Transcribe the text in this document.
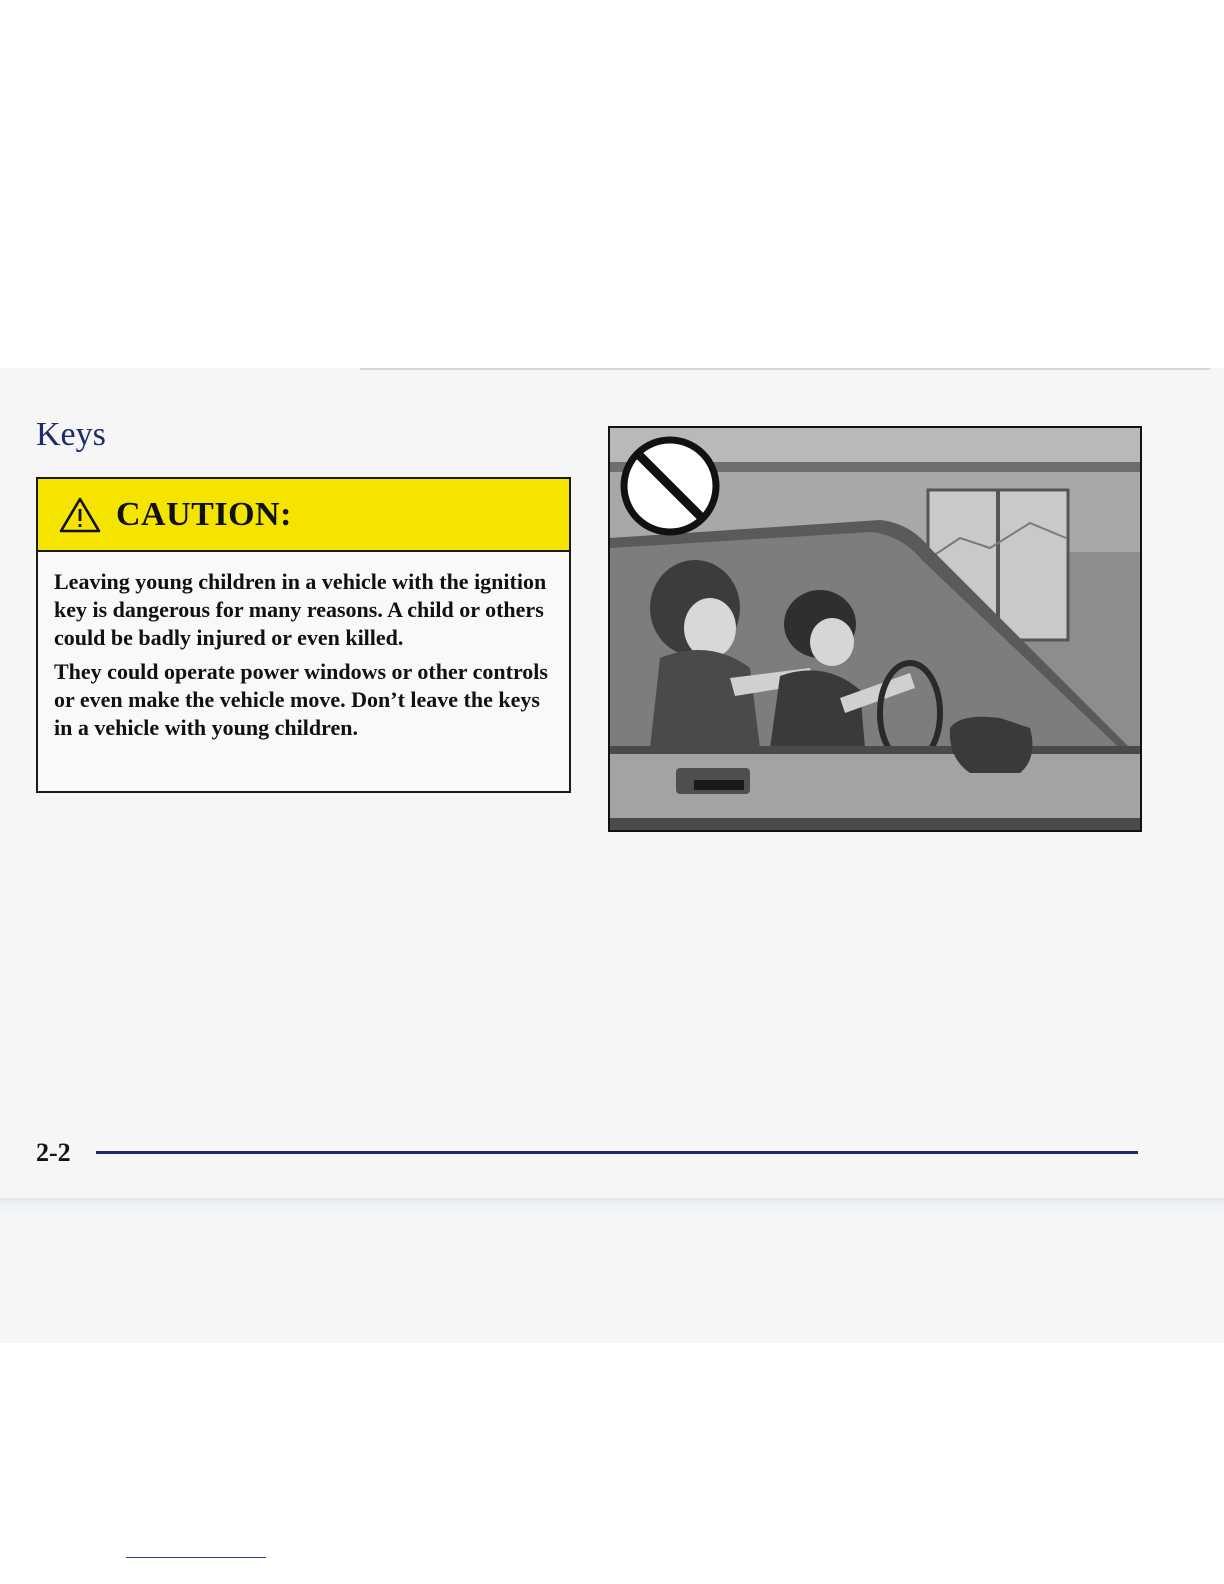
Keys
CAUTION:

Leaving young children in a vehicle with the ignition key is dangerous for many reasons. A child or others could be badly injured or even killed.

They could operate power windows or other controls or even make the vehicle move. Don’t leave the keys in a vehicle with young children.

2-2
